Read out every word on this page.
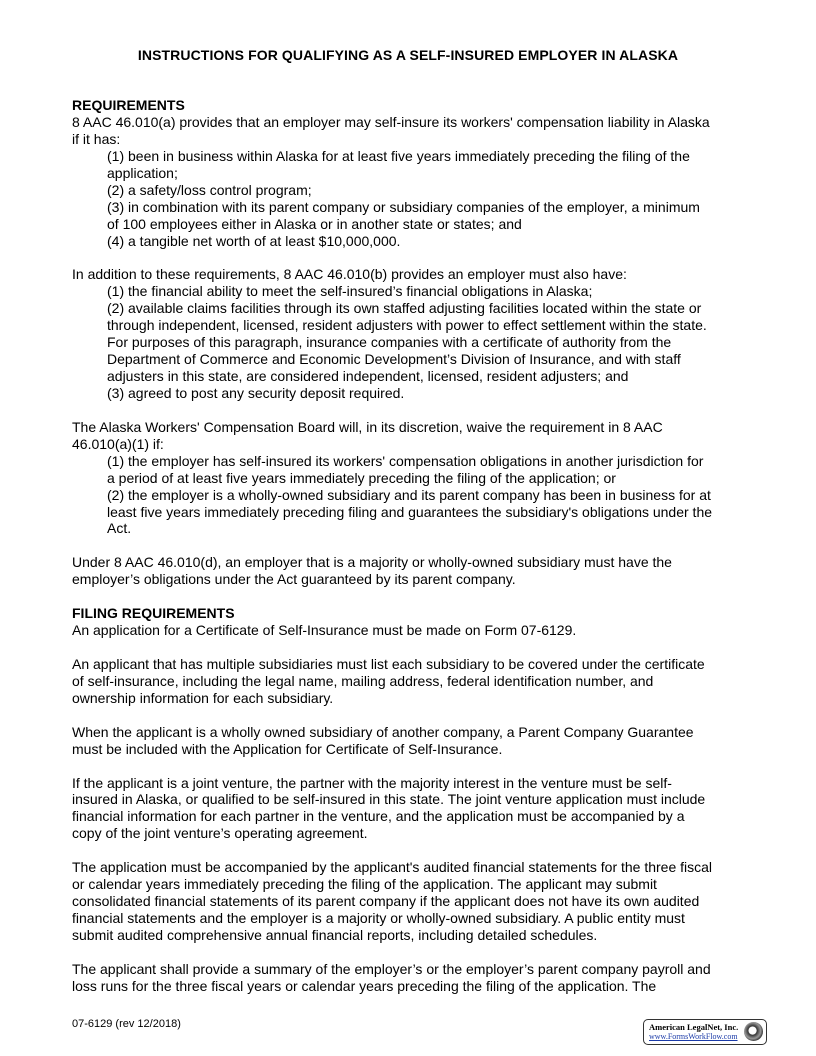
INSTRUCTIONS FOR QUALIFYING AS A SELF-INSURED EMPLOYER IN ALASKA
REQUIREMENTS
8 AAC 46.010(a) provides that an employer may self-insure its workers' compensation liability in Alaska
if it has:
(1) been in business within Alaska for at least five years immediately preceding the filing of the
application;
(2) a safety/loss control program;
(3) in combination with its parent company or subsidiary companies of the employer, a minimum
of 100 employees either in Alaska or in another state or states; and
(4) a tangible net worth of at least $10,000,000.
In addition to these requirements, 8 AAC 46.010(b) provides an employer must also have:
(1) the financial ability to meet the self-insured’s financial obligations in Alaska;
(2) available claims facilities through its own staffed adjusting facilities located within the state or
through independent, licensed, resident adjusters with power to effect settlement within the state.
For purposes of this paragraph, insurance companies with a certificate of authority from the
Department of Commerce and Economic Development’s Division of Insurance, and with staff
adjusters in this state, are considered independent, licensed, resident adjusters; and
(3) agreed to post any security deposit required.
The Alaska Workers' Compensation Board will, in its discretion, waive the requirement in 8 AAC
46.010(a)(1) if:
(1) the employer has self-insured its workers' compensation obligations in another jurisdiction for
a period of at least five years immediately preceding the filing of the application; or
(2) the employer is a wholly-owned subsidiary and its parent company has been in business for at
least five years immediately preceding filing and guarantees the subsidiary's obligations under the
Act.
Under 8 AAC 46.010(d), an employer that is a majority or wholly-owned subsidiary must have the
employer’s obligations under the Act guaranteed by its parent company.
FILING REQUIREMENTS
An application for a Certificate of Self-Insurance must be made on Form 07-6129.
An applicant that has multiple subsidiaries must list each subsidiary to be covered under the certificate
of self-insurance, including the legal name, mailing address, federal identification number, and
ownership information for each subsidiary.
When the applicant is a wholly owned subsidiary of another company, a Parent Company Guarantee
must be included with the Application for Certificate of Self-Insurance.
If the applicant is a joint venture, the partner with the majority interest in the venture must be self-
insured in Alaska, or qualified to be self-insured in this state. The joint venture application must include
financial information for each partner in the venture, and the application must be accompanied by a
copy of the joint venture’s operating agreement.
The application must be accompanied by the applicant's audited financial statements for the three fiscal
or calendar years immediately preceding the filing of the application. The applicant may submit
consolidated financial statements of its parent company if the applicant does not have its own audited
financial statements and the employer is a majority or wholly-owned subsidiary. A public entity must
submit audited comprehensive annual financial reports, including detailed schedules.
The applicant shall provide a summary of the employer’s or the employer’s parent company payroll and
loss runs for the three fiscal years or calendar years preceding the filing of the application. The
07-6129 (rev 12/2018)	American LegalNet, Inc.
www.FormsWorkFlow.com
